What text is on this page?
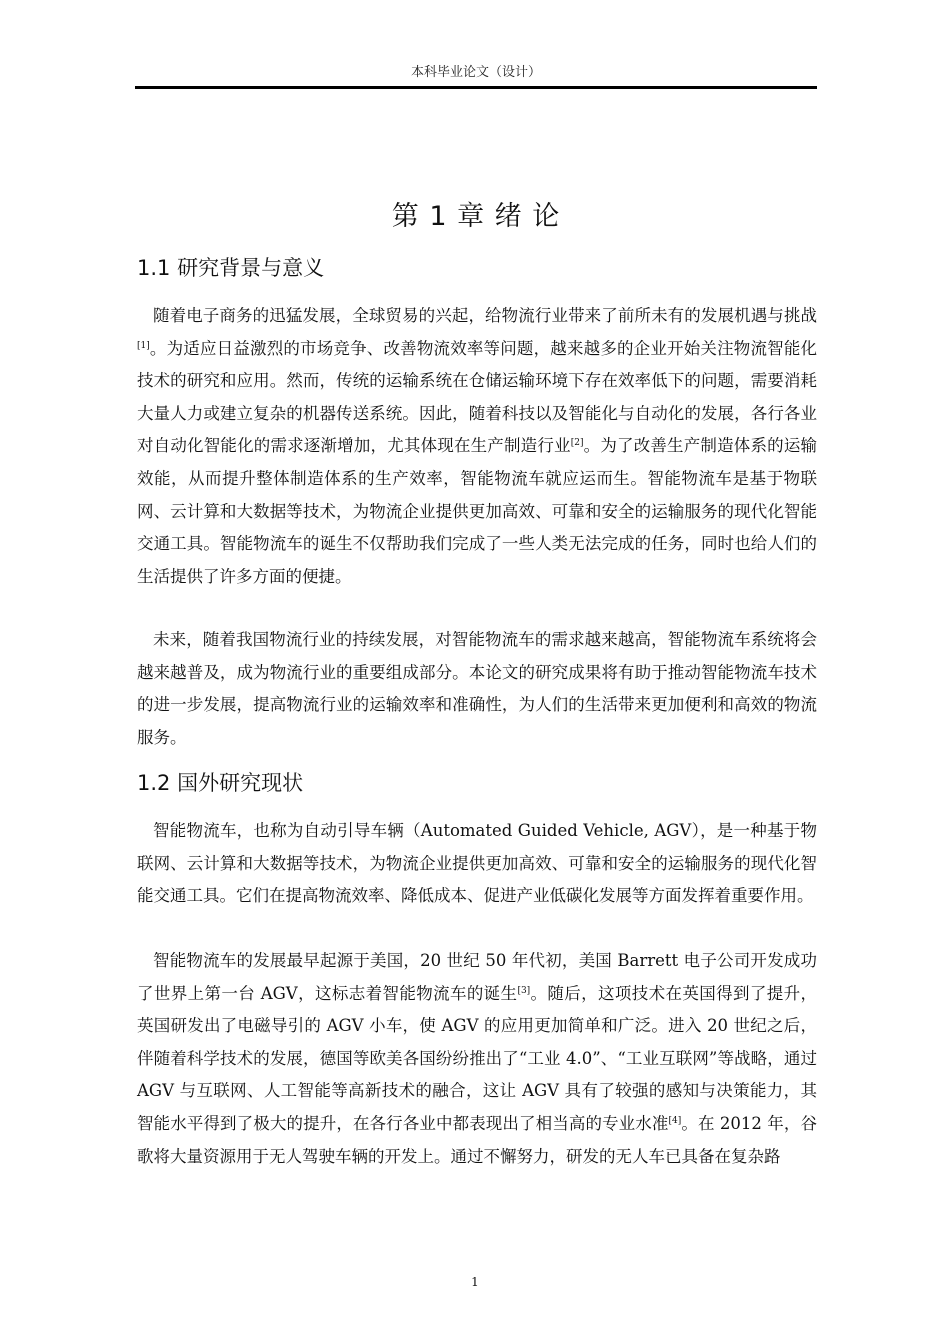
本科毕业论文（设计）
第 1 章 绪 论
1.1 研究背景与意义

随着电子商务的迅猛发展，全球贸易的兴起，给物流行业带来了前所未有的发展机遇与挑战[1]。为适应日益激烈的市场竞争、改善物流效率等问题，越来越多的企业开始关注物流智能化技术的研究和应用。然而，传统的运输系统在仓储运输环境下存在效率低下的问题，需要消耗大量人力或建立复杂的机器传送系统。因此，随着科技以及智能化与自动化的发展，各行各业对自动化智能化的需求逐渐增加，尤其体现在生产制造行业[2]。为了改善生产制造体系的运输效能，从而提升整体制造体系的生产效率，智能物流车就应运而生。智能物流车是基于物联网、云计算和大数据等技术，为物流企业提供更加高效、可靠和安全的运输服务的现代化智能交通工具。智能物流车的诞生不仅帮助我们完成了一些人类无法完成的任务，同时也给人们的生活提供了许多方面的便捷。

未来，随着我国物流行业的持续发展，对智能物流车的需求越来越高，智能物流车系统将会越来越普及，成为物流行业的重要组成部分。本论文的研究成果将有助于推动智能物流车技术的进一步发展，提高物流行业的运输效率和准确性，为人们的生活带来更加便利和高效的物流服务。

1.2 国外研究现状

智能物流车，也称为自动引导车辆（Automated Guided Vehicle, AGV），是一种基于物联网、云计算和大数据等技术，为物流企业提供更加高效、可靠和安全的运输服务的现代化智能交通工具。它们在提高物流效率、降低成本、促进产业低碳化发展等方面发挥着重要作用。

智能物流车的发展最早起源于美国，20 世纪 50 年代初，美国 Barrett 电子公司开发成功了世界上第一台 AGV，这标志着智能物流车的诞生[3]。随后，这项技术在英国得到了提升，英国研发出了电磁导引的 AGV 小车，使 AGV 的应用更加简单和广泛。进入 20 世纪之后，伴随着科学技术的发展，德国等欧美各国纷纷推出了“工业 4.0”、“工业互联网”等战略，通过 AGV 与互联网、人工智能等高新技术的融合，这让 AGV 具有了较强的感知与决策能力，其智能水平得到了极大的提升，在各行各业中都表现出了相当高的专业水准[4]。在 2012 年，谷歌将大量资源用于无人驾驶车辆的开发上。通过不懈努力，研发的无人车已具备在复杂路

1
